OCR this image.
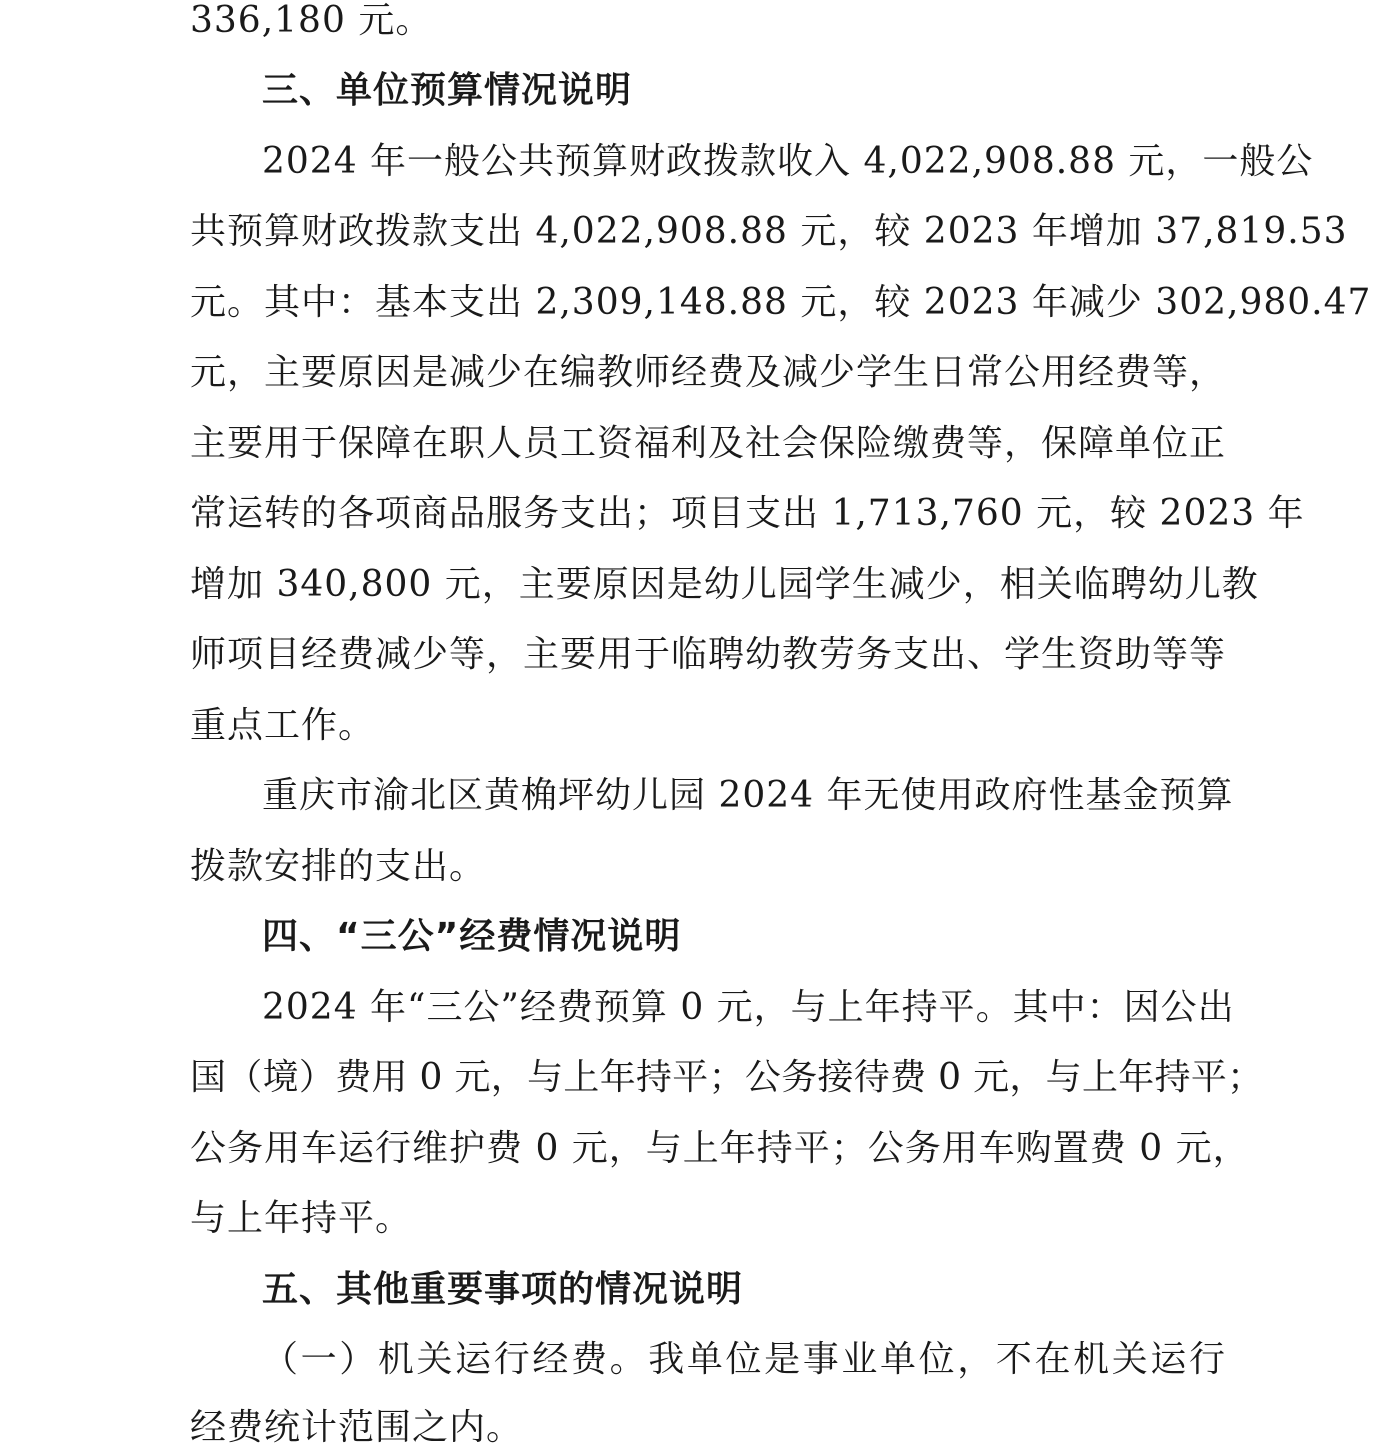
336,180 元。
三、单位预算情况说明
2024 年一般公共预算财政拨款收入 4,022,908.88 元，一般公
共预算财政拨款支出 4,022,908.88 元，较 2023 年增加 37,819.53
元。其中：基本支出 2,309,148.88 元，较 2023 年减少 302,980.47
元，主要原因是减少在编教师经费及减少学生日常公用经费等，
主要用于保障在职人员工资福利及社会保险缴费等，保障单位正
常运转的各项商品服务支出；项目支出 1,713,760 元，较 2023 年
增加 340,800 元，主要原因是幼儿园学生减少，相关临聘幼儿教
师项目经费减少等，主要用于临聘幼教劳务支出、学生资助等等
重点工作。
重庆市渝北区黄桷坪幼儿园 2024 年无使用政府性基金预算
拨款安排的支出。
四、“三公”经费情况说明
2024 年“三公”经费预算 0 元，与上年持平。其中：因公出
国（境）费用 0 元，与上年持平；公务接待费 0 元，与上年持平；
公务用车运行维护费 0 元，与上年持平；公务用车购置费 0 元，
与上年持平。
五、其他重要事项的情况说明
（一）机关运行经费。我单位是事业单位，不在机关运行
经费统计范围之内。
